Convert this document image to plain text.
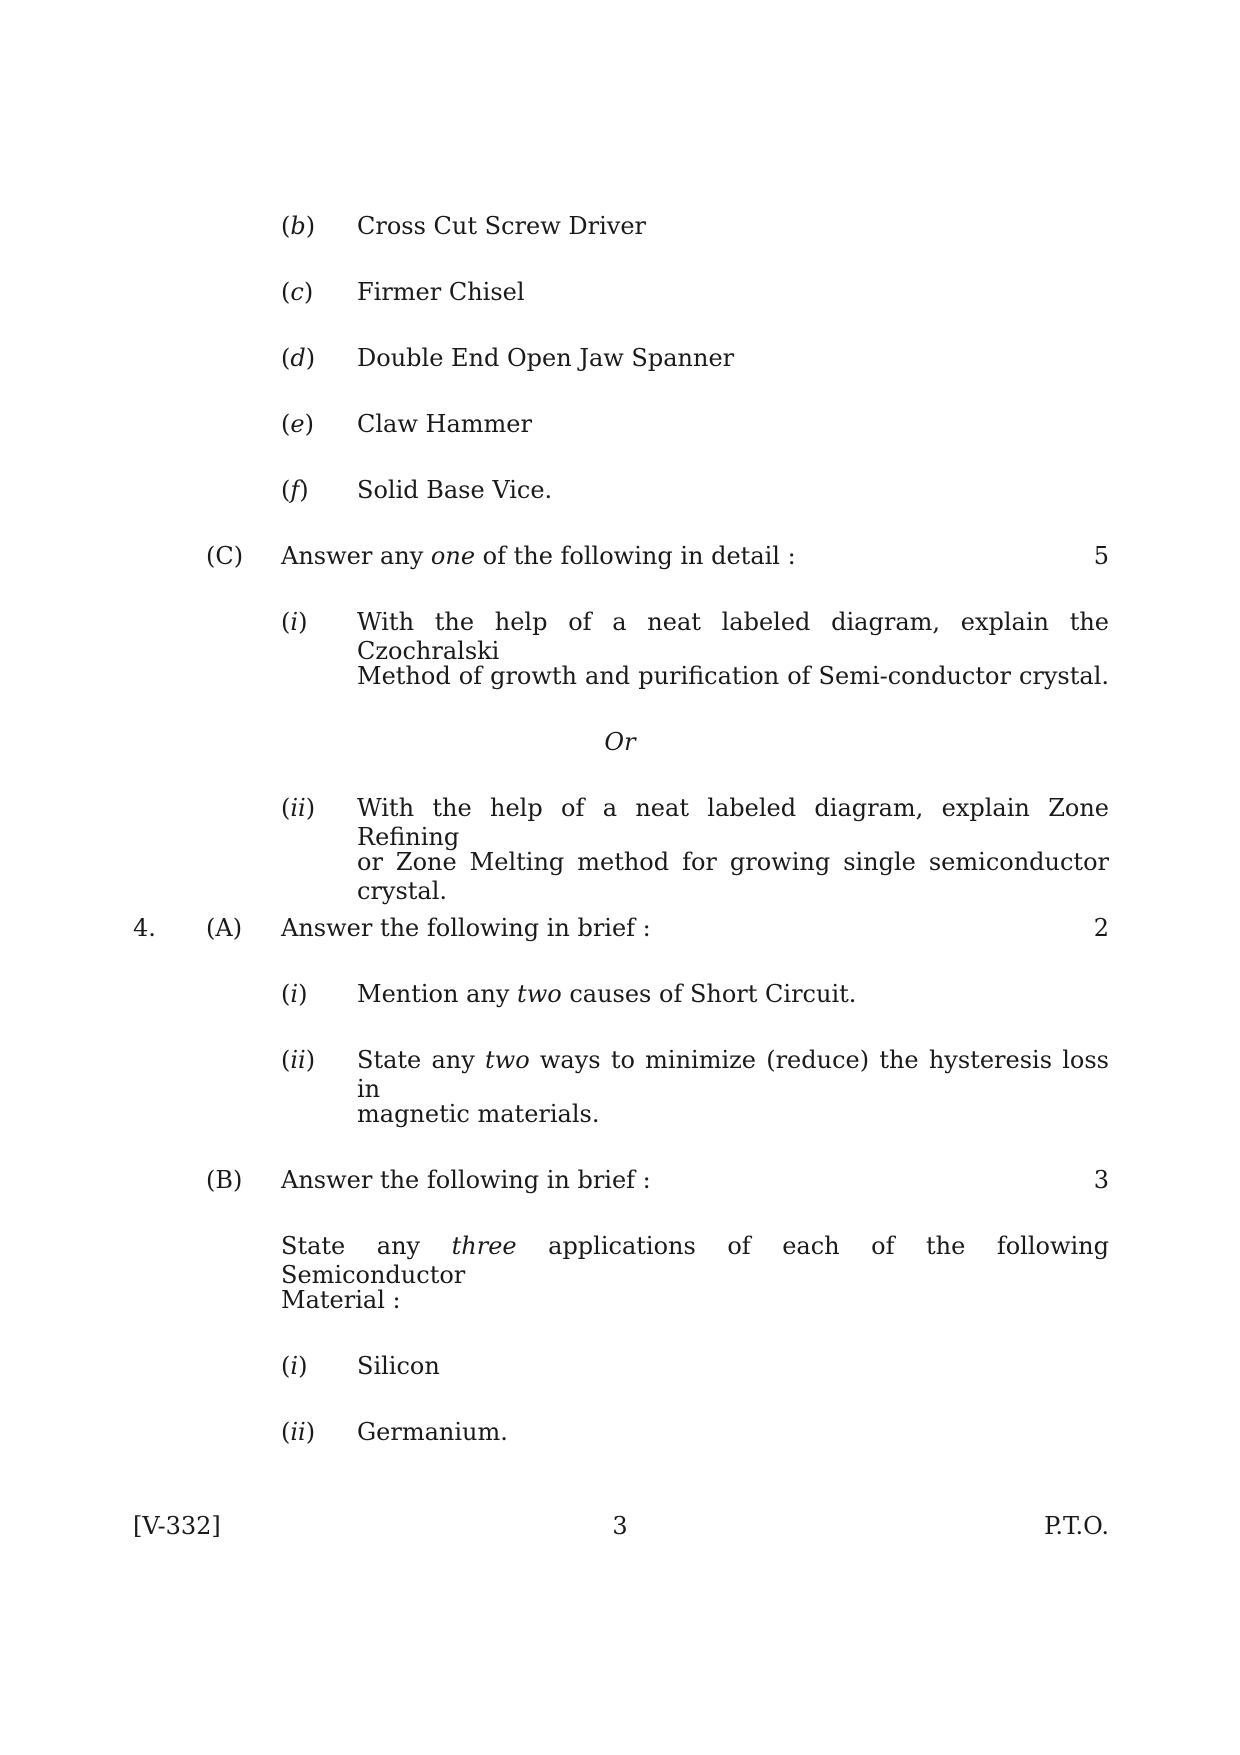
(b) Cross Cut Screw Driver
(c) Firmer Chisel
(d) Double End Open Jaw Spanner
(e) Claw Hammer
(f) Solid Base Vice.
(C) Answer any one of the following in detail :	5
(i) With the help of a neat labeled diagram, explain the Czochralski
Method of growth and purification of Semi-conductor crystal.
Or
(ii) With the help of a neat labeled diagram, explain Zone Refining
or Zone Melting method for growing single semiconductor crystal.
4. (A) Answer the following in brief :	2
(i) Mention any two causes of Short Circuit.
(ii) State any two ways to minimize (reduce) the hysteresis loss in
magnetic materials.
(B) Answer the following in brief :	3
State any three applications of each of the following Semiconductor
Material :
(i) Silicon
(ii) Germanium.
[V-332]	3	P.T.O.
